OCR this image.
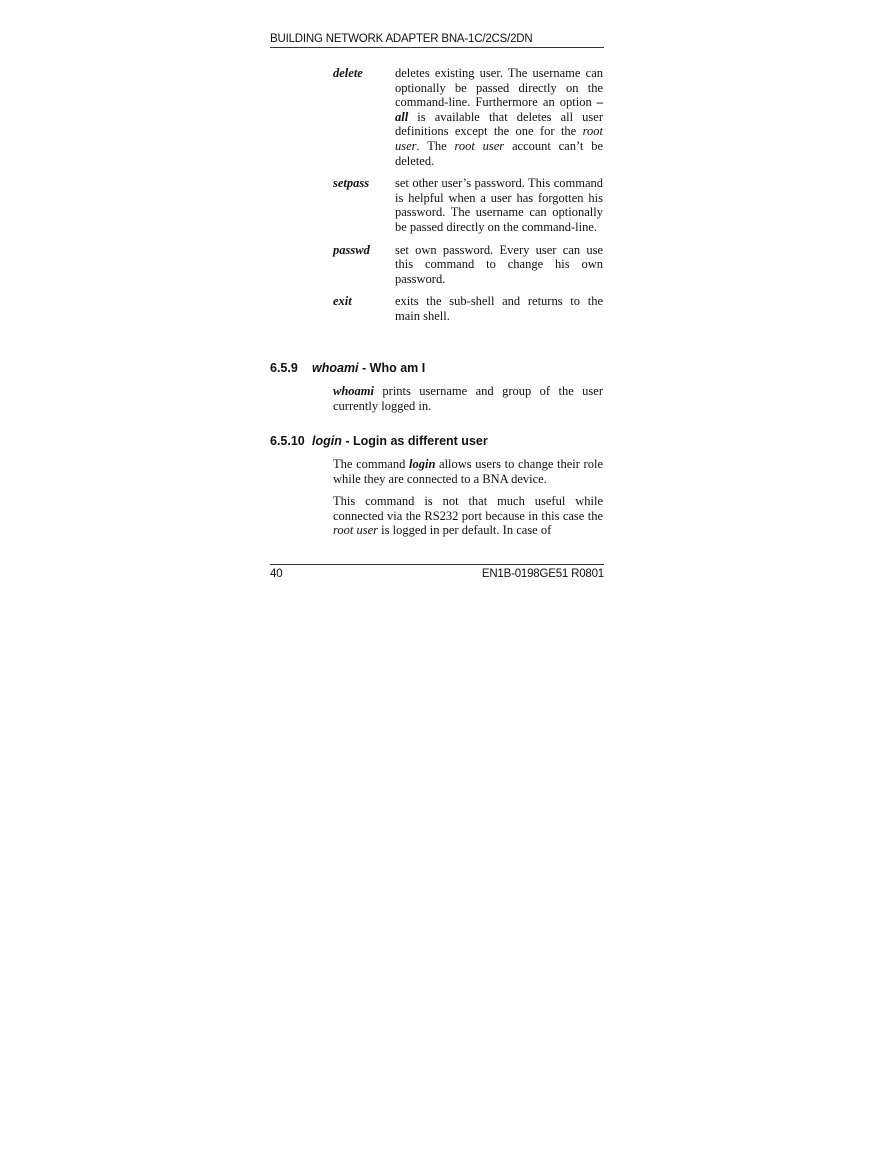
BUILDING NETWORK ADAPTER BNA-1C/2CS/2DN
delete	deletes existing user. The username can optionally be passed directly on the command-line. Furthermore an option –all is available that deletes all user definitions except the one for the root user. The root user account can’t be deleted.
setpass	set other user’s password. This command is helpful when a user has forgotten his password. The username can optionally be passed directly on the command-line.
passwd	set own password. Every user can use this command to change his own password.
exit	exits the sub-shell and returns to the main shell.
6.5.9 whoami - Who am I

whoami prints username and group of the user currently logged in.

6.5.10 login - Login as different user

The command login allows users to change their role while they are connected to a BNA device.

This command is not that much useful while connected via the RS232 port because in this case the root user is logged in per default. In case of

40	EN1B-0198GE51 R0801
